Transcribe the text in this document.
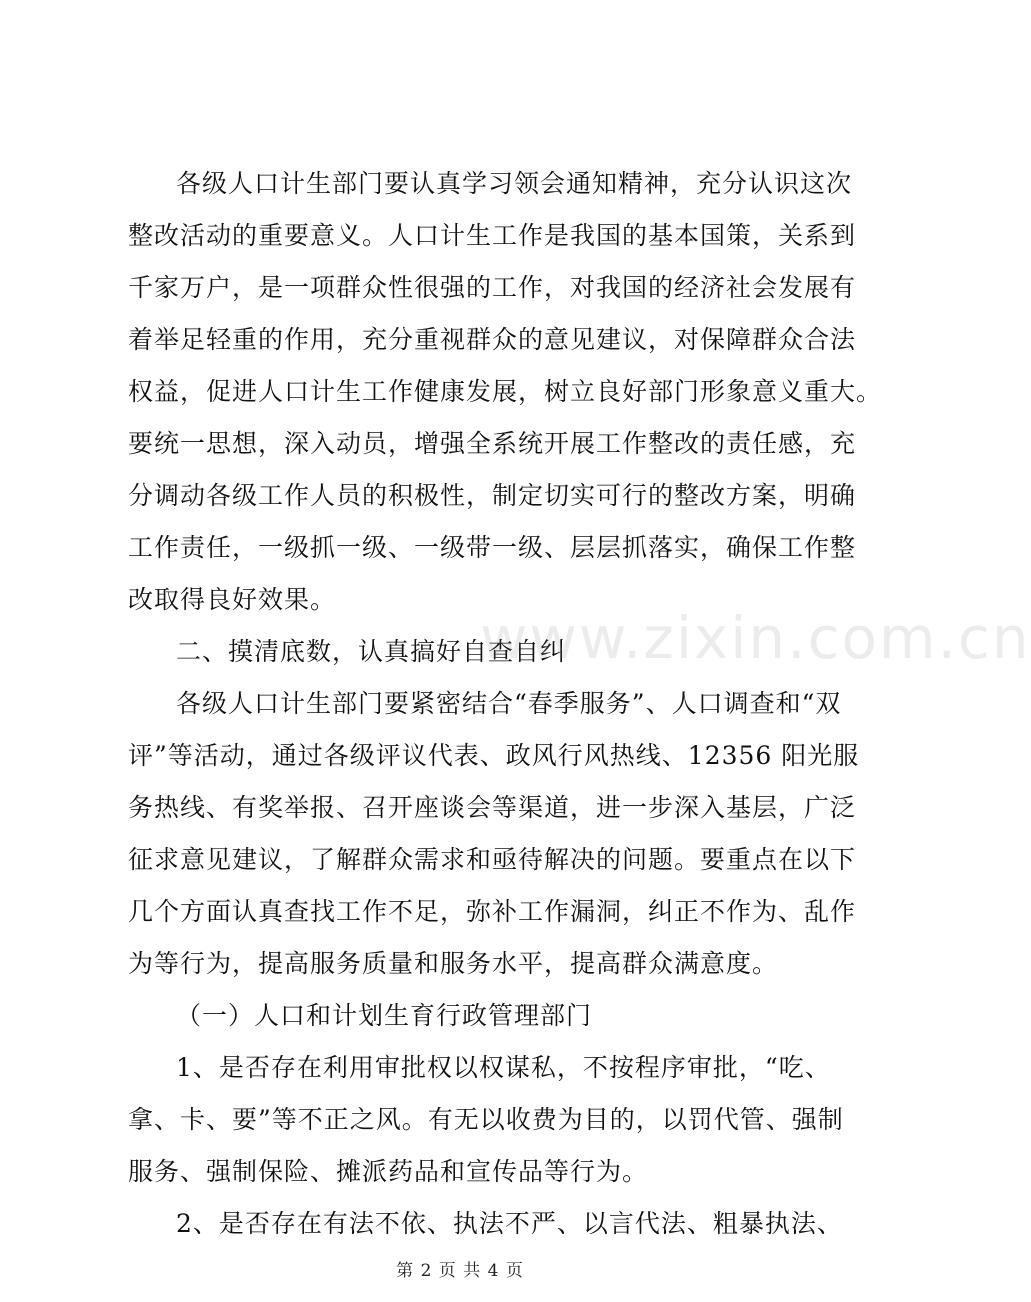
各级人口计生部门要认真学习领会通知精神，充分认识这次
整改活动的重要意义。人口计生工作是我国的基本国策，关系到
千家万户，是一项群众性很强的工作，对我国的经济社会发展有
着举足轻重的作用，充分重视群众的意见建议，对保障群众合法
权益，促进人口计生工作健康发展，树立良好部门形象意义重大。
要统一思想，深入动员，增强全系统开展工作整改的责任感，充
分调动各级工作人员的积极性，制定切实可行的整改方案，明确
工作责任，一级抓一级、一级带一级、层层抓落实，确保工作整
改取得良好效果。
二、摸清底数，认真搞好自查自纠
各级人口计生部门要紧密结合“春季服务”、人口调查和“双
评”等活动，通过各级评议代表、政风行风热线、12356 阳光服
务热线、有奖举报、召开座谈会等渠道，进一步深入基层，广泛
征求意见建议，了解群众需求和亟待解决的问题。要重点在以下
几个方面认真查找工作不足，弥补工作漏洞，纠正不作为、乱作
为等行为，提高服务质量和服务水平，提高群众满意度。
（一）人口和计划生育行政管理部门
1、是否存在利用审批权以权谋私，不按程序审批，“吃、
拿、卡、要”等不正之风。有无以收费为目的，以罚代管、强制
服务、强制保险、摊派药品和宣传品等行为。
2、是否存在有法不依、执法不严、以言代法、粗暴执法、
www.zixin.com.cn
第 2 页 共 4 页
